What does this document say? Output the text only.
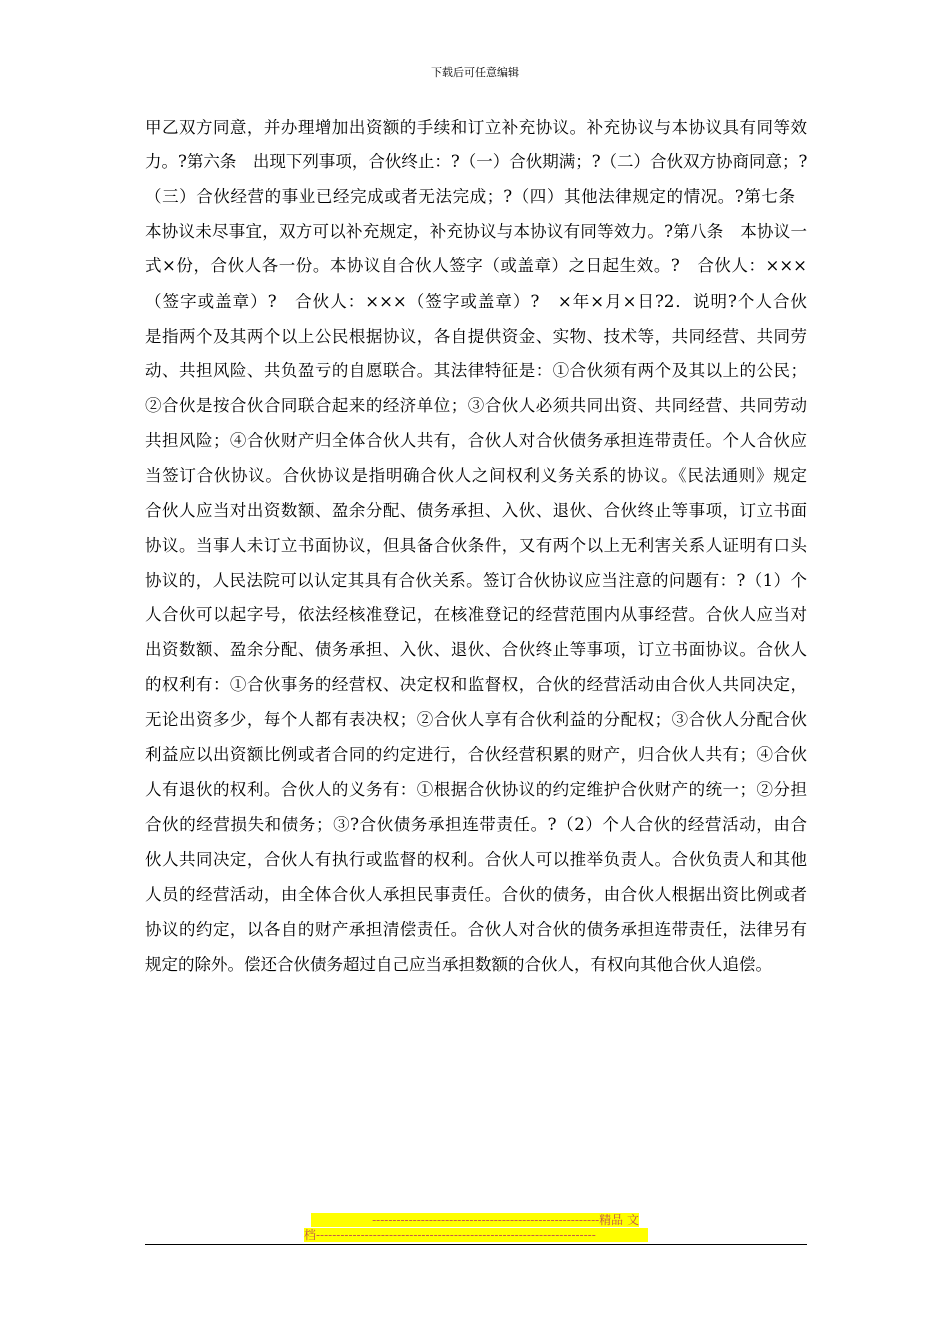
下载后可任意编辑
甲乙双方同意，并办理增加出资额的手续和订立补充协议。补充协议与本协议具有同等效
力。?第六条　出现下列事项，合伙终止：?（一）合伙期满；?（二）合伙双方协商同意；?
（三）合伙经营的事业已经完成或者无法完成；?（四）其他法律规定的情况。?第七条
本协议未尽事宜，双方可以补充规定，补充协议与本协议有同等效力。?第八条　本协议一
式×份，合伙人各一份。本协议自合伙人签字（或盖章）之日起生效。?　合伙人：×××
（签字或盖章）?　合伙人：×××（签字或盖章）?　×年×月×日?2．说明?个人合伙
是指两个及其两个以上公民根据协议，各自提供资金、实物、技术等，共同经营、共同劳
动、共担风险、共负盈亏的自愿联合。其法律特征是：①合伙须有两个及其以上的公民；
②合伙是按合伙合同联合起来的经济单位；③合伙人必须共同出资、共同经营、共同劳动
共担风险；④合伙财产归全体合伙人共有，合伙人对合伙债务承担连带责任。个人合伙应
当签订合伙协议。合伙协议是指明确合伙人之间权利义务关系的协议。《民法通则》规定
合伙人应当对出资数额、盈余分配、债务承担、入伙、退伙、合伙终止等事项，订立书面
协议。当事人未订立书面协议，但具备合伙条件，又有两个以上无利害关系人证明有口头
协议的，人民法院可以认定其具有合伙关系。签订合伙协议应当注意的问题有：?（1）个
人合伙可以起字号，依法经核准登记，在核准登记的经营范围内从事经营。合伙人应当对
出资数额、盈余分配、债务承担、入伙、退伙、合伙终止等事项，订立书面协议。合伙人
的权利有：①合伙事务的经营权、决定权和监督权，合伙的经营活动由合伙人共同决定，
无论出资多少，每个人都有表决权；②合伙人享有合伙利益的分配权；③合伙人分配合伙
利益应以出资额比例或者合同的约定进行，合伙经营积累的财产，归合伙人共有；④合伙
人有退伙的权利。合伙人的义务有：①根据合伙协议的约定维护合伙财产的统一；②分担
合伙的经营损失和债务；③?合伙债务承担连带责任。?（2）个人合伙的经营活动，由合
伙人共同决定，合伙人有执行或监督的权利。合伙人可以推举负责人。合伙负责人和其他
人员的经营活动，由全体合伙人承担民事责任。合伙的债务，由合伙人根据出资比例或者
协议的约定，以各自的财产承担清偿责任。合伙人对合伙的债务承担连带责任，法律另有
规定的除外。偿还合伙债务超过自己应当承担数额的合伙人，有权向其他合伙人追偿。
--------------------------------------------------------精品 文
档---------------------------------------------------------------------
